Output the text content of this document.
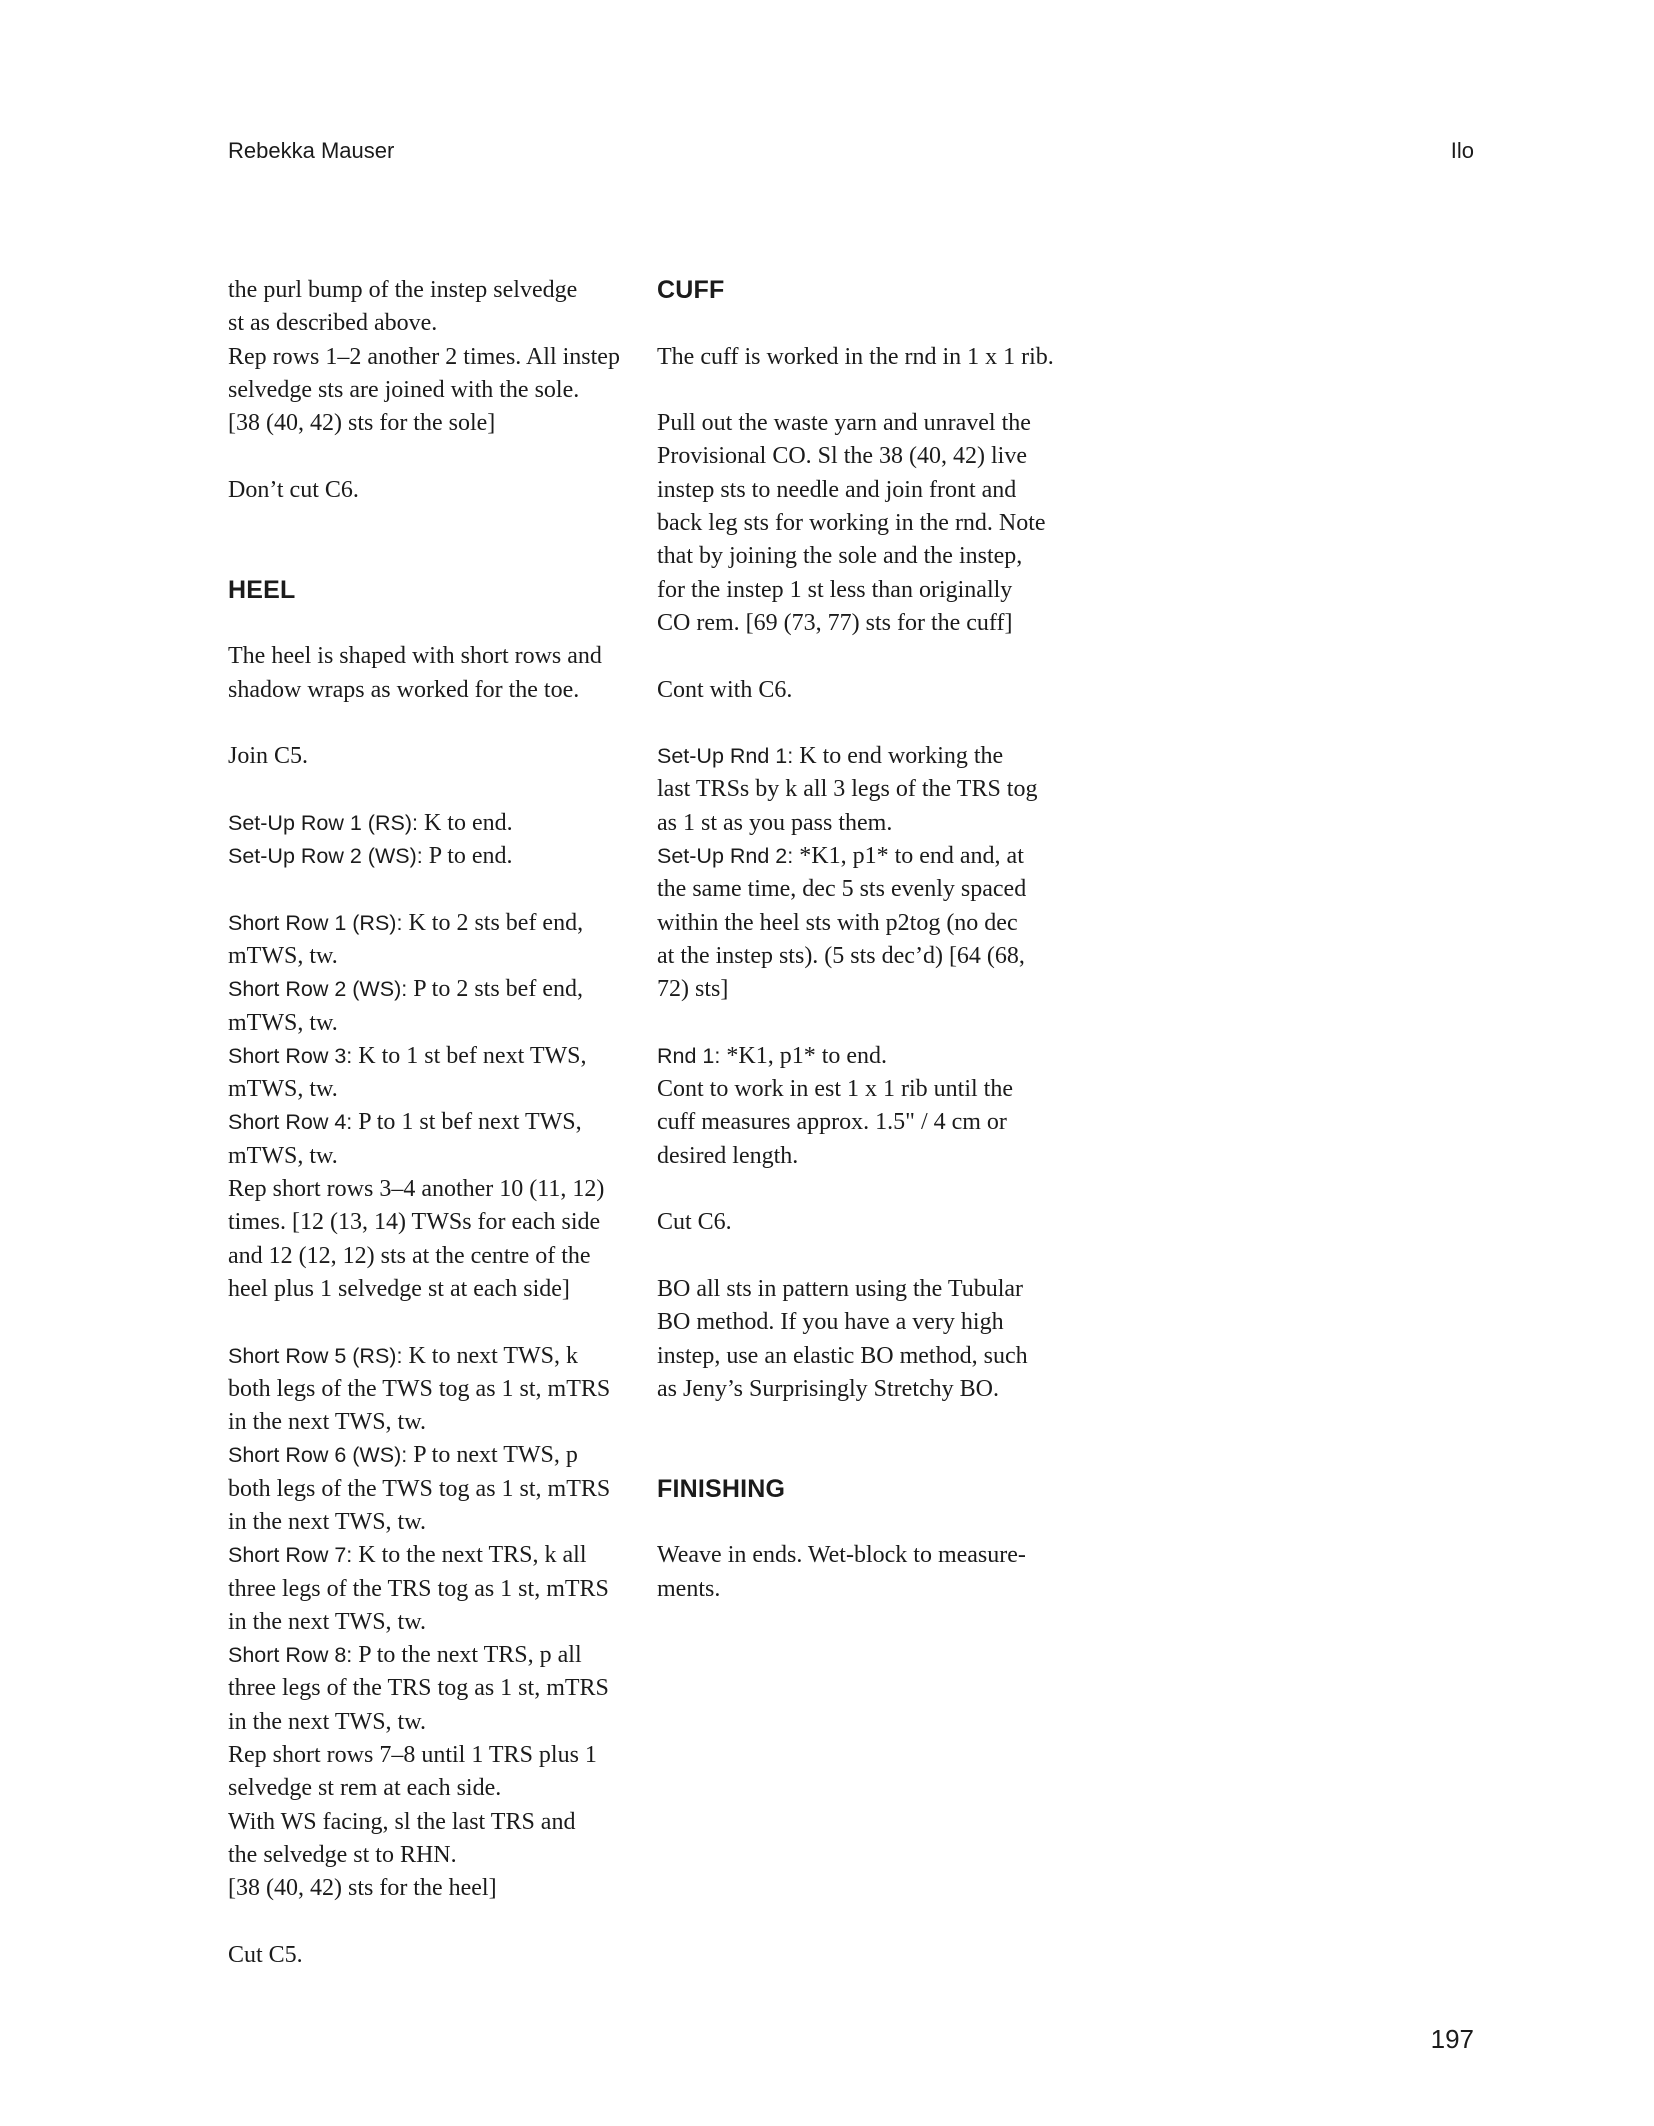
Rebekka Mauser	Ilo

the purl bump of the instep selvedge
st as described above.
Rep rows 1–2 another 2 times. All instep
selvedge sts are joined with the sole.
[38 (40, 42) sts for the sole]

Don’t cut C6.

HEEL

The heel is shaped with short rows and
shadow wraps as worked for the toe.

Join C5.

Set-Up Row 1 (RS): K to end.

Set-Up Row 2 (WS): P to end.

Short Row 1 (RS): K to 2 sts bef end,
mTWS, tw.

Short Row 2 (WS): P to 2 sts bef end,
mTWS, tw.

Short Row 3: K to 1 st bef next TWS,
mTWS, tw.

Short Row 4: P to 1 st bef next TWS,
mTWS, tw.

Rep short rows 3–4 another 10 (11, 12)
times. [12 (13, 14) TWSs for each side
and 12 (12, 12) sts at the centre of the
heel plus 1 selvedge st at each side]

Short Row 5 (RS): K to next TWS, k
both legs of the TWS tog as 1 st, mTRS
in the next TWS, tw.

Short Row 6 (WS): P to next TWS, p
both legs of the TWS tog as 1 st, mTRS
in the next TWS, tw.

Short Row 7: K to the next TRS, k all
three legs of the TRS tog as 1 st, mTRS
in the next TWS, tw.

Short Row 8: P to the next TRS, p all
three legs of the TRS tog as 1 st, mTRS
in the next TWS, tw.

Rep short rows 7–8 until 1 TRS plus 1
selvedge st rem at each side.
With WS facing, sl the last TRS and
the selvedge st to RHN.
[38 (40, 42) sts for the heel]

Cut C5.

CUFF

The cuff is worked in the rnd in 1 x 1 rib.

Pull out the waste yarn and unravel the
Provisional CO. Sl the 38 (40, 42) live
instep sts to needle and join front and
back leg sts for working in the rnd. Note
that by joining the sole and the instep,
for the instep 1 st less than originally
CO rem. [69 (73, 77) sts for the cuff]

Cont with C6.

Set-Up Rnd 1: K to end working the
last TRSs by k all 3 legs of the TRS tog
as 1 st as you pass them.

Set-Up Rnd 2: *K1, p1* to end and, at
the same time, dec 5 sts evenly spaced
within the heel sts with p2tog (no dec
at the instep sts). (5 sts dec’d) [64 (68,
72) sts]

Rnd 1: *K1, p1* to end.
Cont to work in est 1 x 1 rib until the
cuff measures approx. 1.5" / 4 cm or
desired length.

Cut C6.

BO all sts in pattern using the Tubular
BO method. If you have a very high
instep, use an elastic BO method, such
as Jeny’s Surprisingly Stretchy BO.

FINISHING

Weave in ends. Wet-block to measure-
ments.

197
